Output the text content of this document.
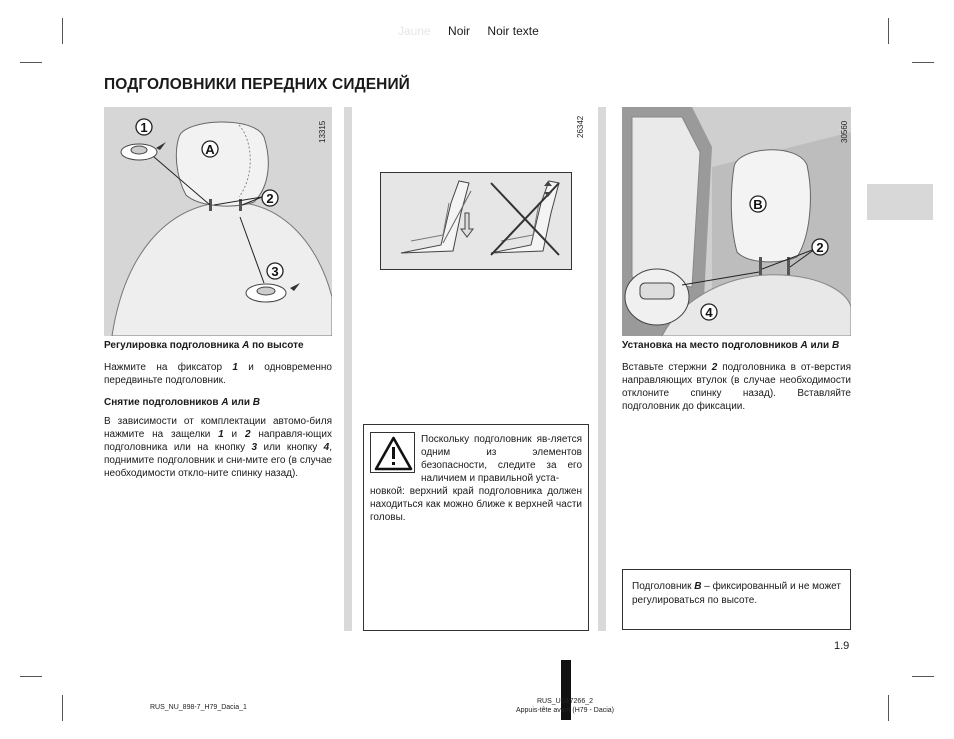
Jaune Noir Noir texte
ПОДГОЛОВНИКИ ПЕРЕДНИХ СИДЕНИЙ
1
A
2
3
13315
Регулировка подголовника A по высоте
Нажмите на фиксатор 1 и одновременно передвиньте подголовник.
Снятие подголовников A или B
В зависимости от комплектации автомо-биля нажмите на защелки 1 и 2 направля-ющих подголовника или на кнопку 3 или кнопку 4, поднимите подголовник и сни-мите его (в случае необходимости откло-ните спинку назад).
26342
Поскольку подголовник яв-ляется одним из элементов безопасности, следите за его наличием и правильной уста-
новкой: верхний край подголовника должен находиться как можно ближе к верхней части головы.
B
2
4
30560
Установка на место подголовников A или B
Вставьте стержни 2 подголовника в от-верстия направляющих втулок (в случае необходимости отклоните спинку назад). Вставляйте подголовник до фиксации.
Подголовник B – фиксированный и не может регулироваться по высоте.
1.9
RUS_NU_898-7_H79_Dacia_1
RUS_UD17266_2
Appuis-tête avant (H79 - Dacia)
